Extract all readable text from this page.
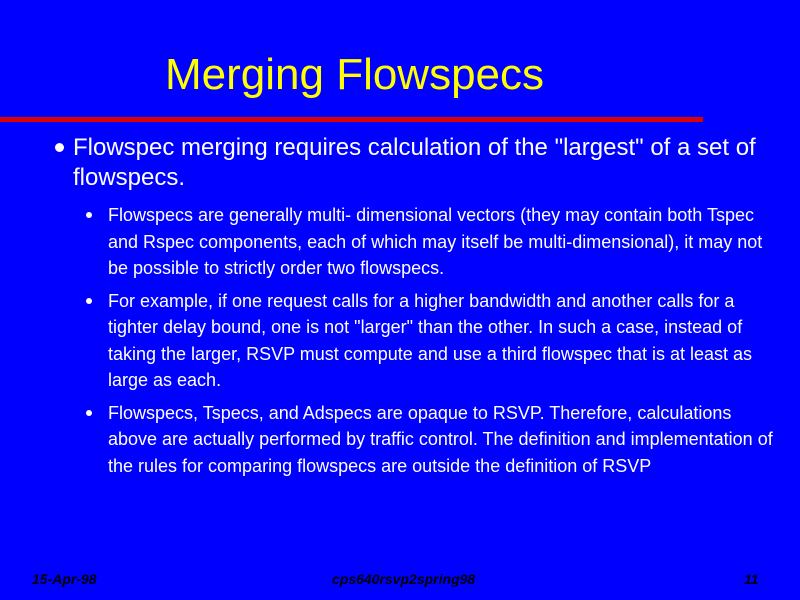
Merging Flowspecs
Flowspec merging requires calculation of the "largest" of a set of flowspecs.
Flowspecs are generally multi- dimensional vectors (they may contain both Tspec and Rspec components, each of which may itself be multi-dimensional), it may not be possible to strictly order two flowspecs.
For example, if one request calls for a higher bandwidth and another calls for a tighter delay bound, one is not "larger" than the other. In such a case, instead of taking the larger, RSVP must compute and use a third flowspec that is at least as large as each.
Flowspecs, Tspecs, and Adspecs are opaque to RSVP. Therefore, calculations above are actually performed by traffic control. The definition and implementation of the rules for comparing flowspecs are outside the definition of RSVP
15-Apr-98	cps640rsvp2spring98	11
